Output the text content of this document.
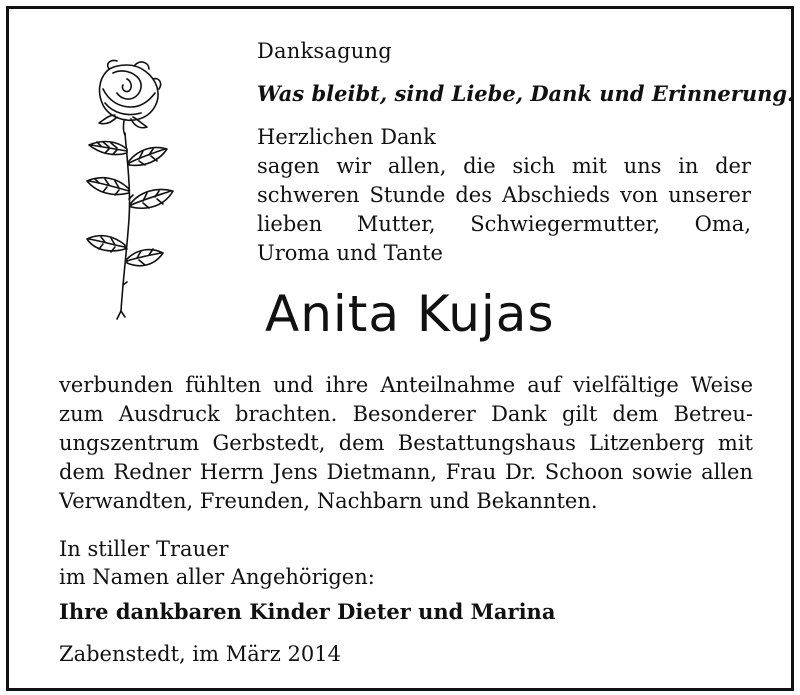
Danksagung
Was bleibt, sind Liebe, Dank und Erinnerung.
Herzlichen Dank
sagen wir allen, die sich mit uns in der
schweren Stunde des Abschieds von unserer
lieben Mutter, Schwiegermutter, Oma,
Uroma und Tante
Anita Kujas
verbunden fühlten und ihre Anteilnahme auf vielfältige Weise
zum Ausdruck brachten. Besonderer Dank gilt dem Betreu-
ungszentrum Gerbstedt, dem Bestattungshaus Litzenberg mit
dem Redner Herrn Jens Dietmann, Frau Dr. Schoon sowie allen
Verwandten, Freunden, Nachbarn und Bekannten.
In stiller Trauer
im Namen aller Angehörigen:
Ihre dankbaren Kinder Dieter und Marina
Zabenstedt, im März 2014
